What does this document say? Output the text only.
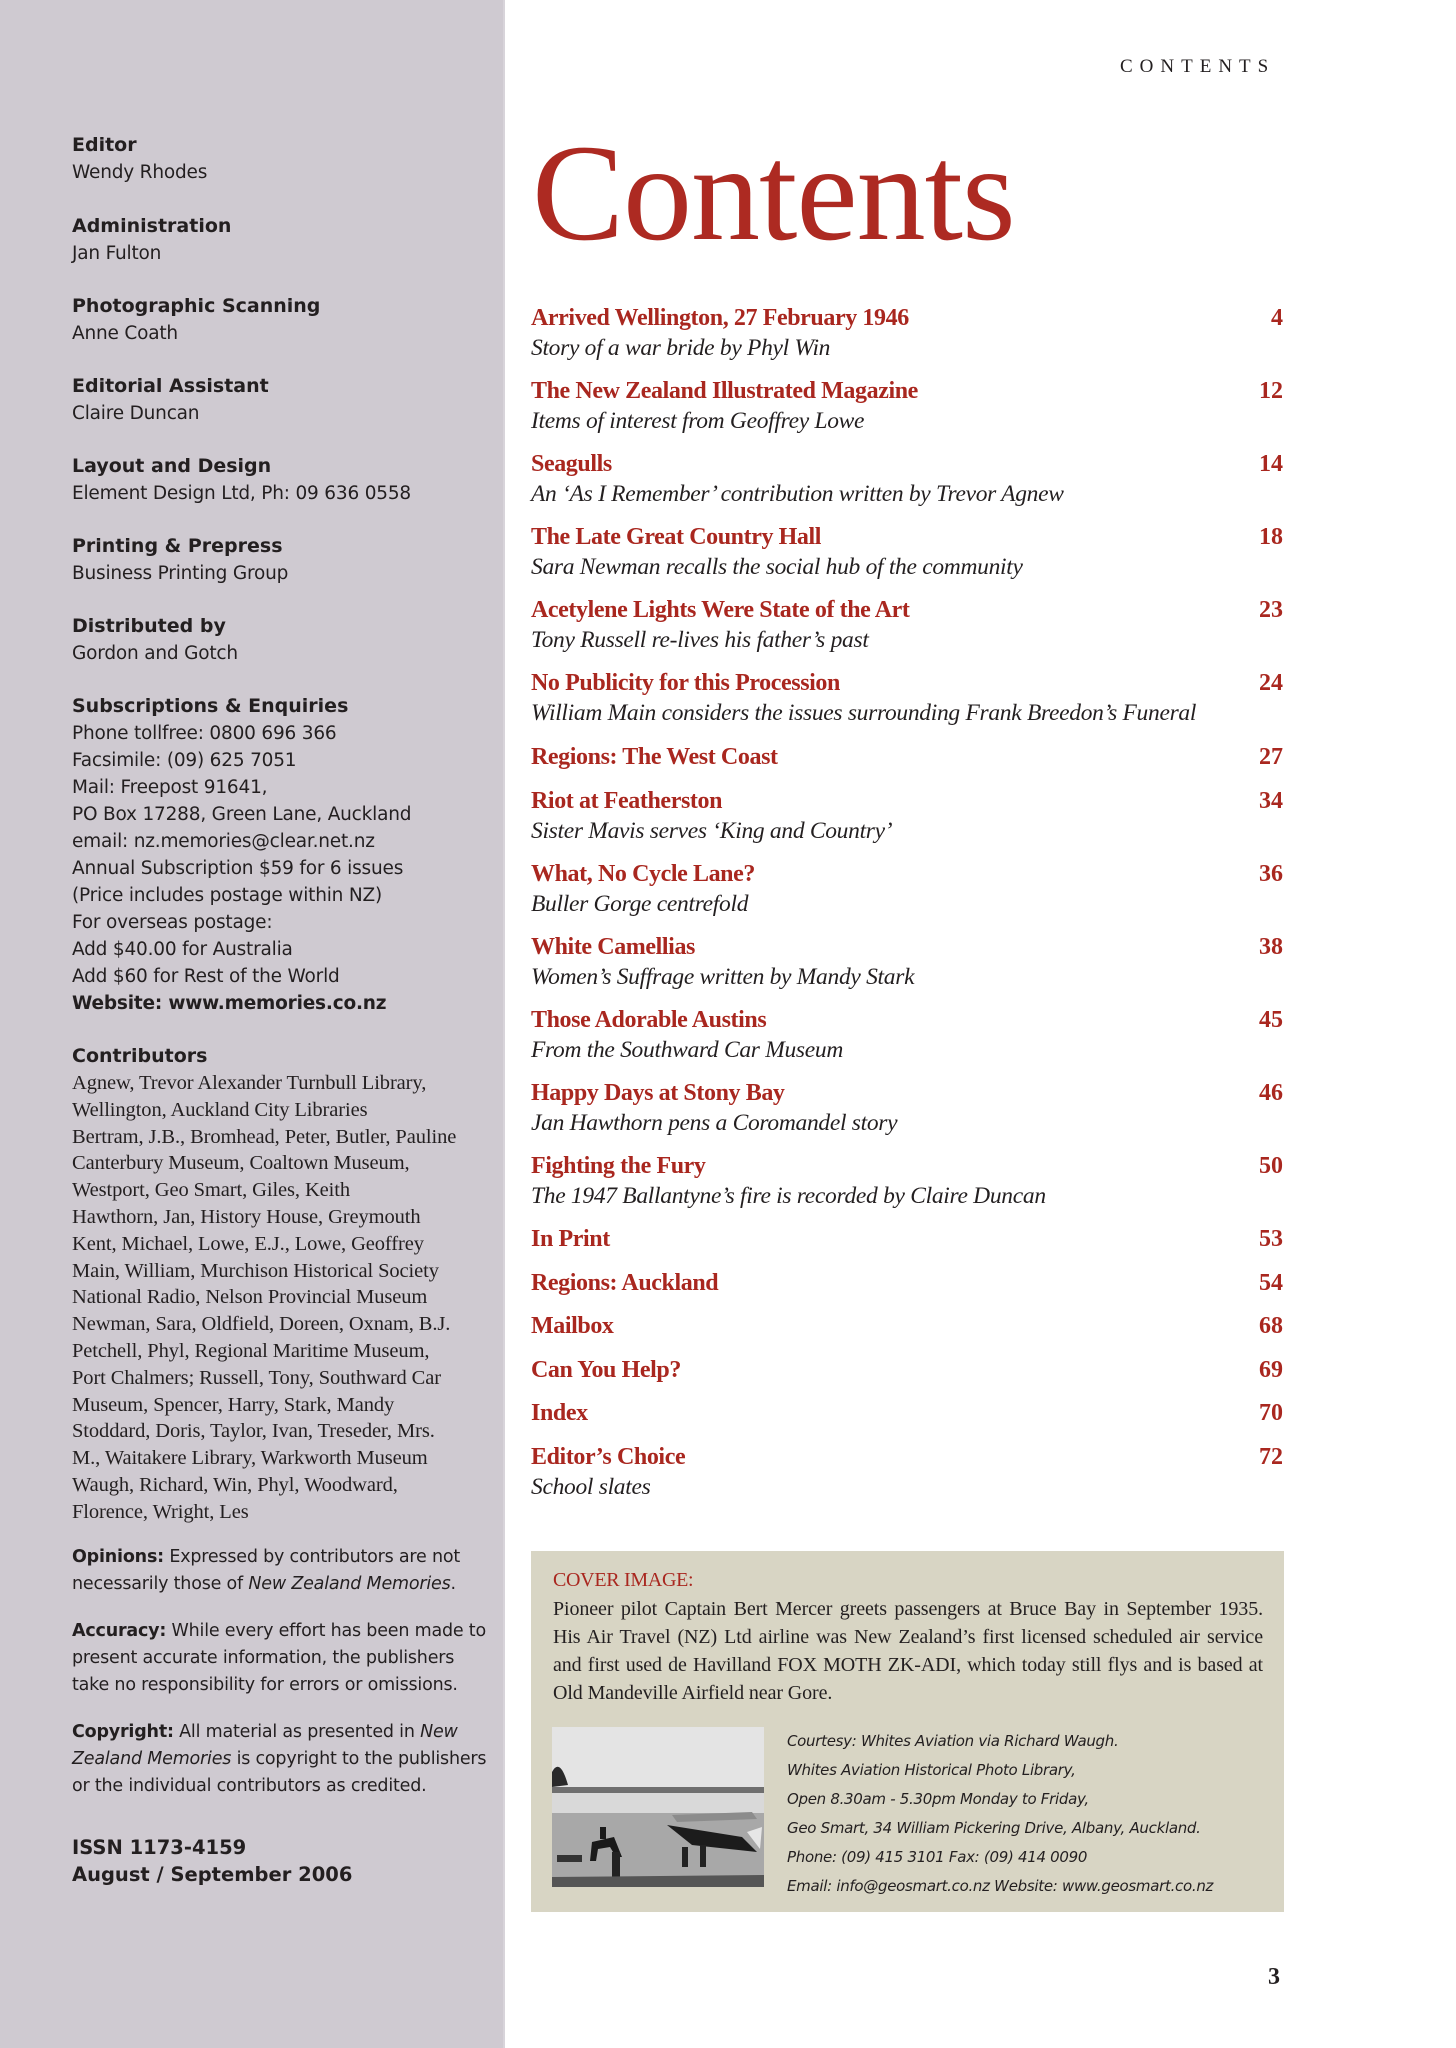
Editor
Wendy Rhodes
Administration
Jan Fulton
Photographic Scanning
Anne Coath
Editorial Assistant
Claire Duncan
Layout and Design
Element Design Ltd, Ph: 09 636 0558
Printing & Prepress
Business Printing Group
Distributed by
Gordon and Gotch
Subscriptions & Enquiries
Phone tollfree: 0800 696 366
Facsimile: (09) 625 7051
Mail: Freepost 91641,
PO Box 17288, Green Lane, Auckland
email: nz.memories@clear.net.nz
Annual Subscription $59 for 6 issues
(Price includes postage within NZ)
For overseas postage:
Add $40.00 for Australia
Add $60 for Rest of the World
Website: www.memories.co.nz
Contributors
Agnew, Trevor Alexander Turnbull Library,
Wellington, Auckland City Libraries
Bertram, J.B., Bromhead, Peter, Butler, Pauline
Canterbury Museum, Coaltown Museum,
Westport, Geo Smart, Giles, Keith
Hawthorn, Jan, History House, Greymouth
Kent, Michael, Lowe, E.J., Lowe, Geoffrey
Main, William, Murchison Historical Society
National Radio, Nelson Provincial Museum
Newman, Sara, Oldfield, Doreen, Oxnam, B.J.
Petchell, Phyl, Regional Maritime Museum,
Port Chalmers; Russell, Tony, Southward Car
Museum, Spencer, Harry, Stark, Mandy
Stoddard, Doris, Taylor, Ivan, Treseder, Mrs.
M., Waitakere Library, Warkworth Museum
Waugh, Richard, Win, Phyl, Woodward,
Florence, Wright, Les
Opinions: Expressed by contributors are not necessarily those of New Zealand Memories.
Accuracy: While every effort has been made to present accurate information, the publishers take no responsibility for errors or omissions.
Copyright: All material as presented in New Zealand Memories is copyright to the publishers or the individual contributors as credited.
ISSN 1173-4159
August / September 2006
CONTENTS
Contents
Arrived Wellington, 27 February 1946	4
Story of a war bride by Phyl Win
The New Zealand Illustrated Magazine	12
Items of interest from Geoffrey Lowe
Seagulls	14
An ‘As I Remember’ contribution written by Trevor Agnew
The Late Great Country Hall	18
Sara Newman recalls the social hub of the community
Acetylene Lights Were State of the Art	23
Tony Russell re-lives his father’s past
No Publicity for this Procession	24
William Main considers the issues surrounding Frank Breedon’s Funeral
Regions: The West Coast	27
Riot at Featherston	34
Sister Mavis serves ‘King and Country’
What, No Cycle Lane?	36
Buller Gorge centrefold
White Camellias	38
Women’s Suffrage written by Mandy Stark
Those Adorable Austins	45
From the Southward Car Museum
Happy Days at Stony Bay	46
Jan Hawthorn pens a Coromandel story
Fighting the Fury	50
The 1947 Ballantyne’s fire is recorded by Claire Duncan
In Print	53
Regions: Auckland	54
Mailbox	68
Can You Help?	69
Index	70
Editor’s Choice	72
School slates
COVER IMAGE:
Pioneer pilot Captain Bert Mercer greets passengers at Bruce Bay in September 1935. His Air Travel (NZ) Ltd airline was New Zealand’s first licensed scheduled air service and first used de Havilland FOX MOTH ZK-ADI, which today still flys and is based at Old Mandeville Airfield near Gore.
Courtesy: Whites Aviation via Richard Waugh.
Whites Aviation Historical Photo Library,
Open 8.30am - 5.30pm Monday to Friday,
Geo Smart, 34 William Pickering Drive, Albany, Auckland.
Phone: (09) 415 3101 Fax: (09) 414 0090
Email: info@geosmart.co.nz Website: www.geosmart.co.nz
3
